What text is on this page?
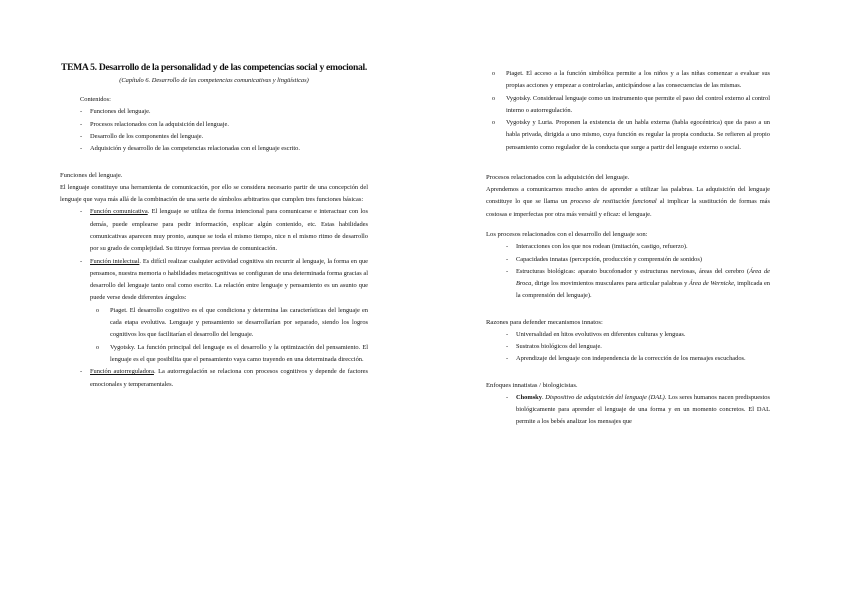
TEMA 5. Desarrollo de la personalidad y de las competencias social y emocional.
(Capítulo 6. Desarrollo de las competencias comunicativas y lingüísticas)
Contenidos:
- Funciones del lenguaje.
- Procesos relacionados con la adquisición del lenguaje.
- Desarrollo de los componentes del lenguaje.
- Adquisición y desarrollo de las competencias relacionadas con el lenguaje escrito.
Funciones del lenguaje.
El lenguaje constituye una herramienta de comunicación, por ello se considera necesario partir de una concepción del lenguaje que vaya más allá de la combinación de una serie de símbolos arbitrarios que cumplen tres funciones básicas:
- Función comunicativa. El lenguaje se utiliza de forma intencional para comunicarse e interactuar con los demás, puede emplearse para pedir información, explicar algún contenido, etc. Estas habilidades comunicativas aparecen muy pronto, aunque se toda el mismo tiempo, nice n el mismo ritmo de desarrollo por su grado de complejidad. Su ttiruye formas previas de comunicación.
- Función intelectual. Es difícil realizar cualquier actividad cognitiva sin recurrir al lenguaje, la forma en que pensamos, nuestra memoria o habilidades metacognitivas se configuran de una determinada forma gracias al desarrollo del lenguaje tanto oral como escrito. La relación entre lenguaje y pensamiento es un asunto que puede verse desde diferentes ángulos:
o Piaget. El desarrollo cognitivo es el que condiciona y determina las características del lenguaje en cada etapa evolutiva. Lenguaje y pensamiento se desarrollarían por separado, siendo los logros cognitivos los que facilitarían el desarrollo del lenguaje.
o Vygotsky. La función principal del lenguaje es el desarrollo y la optimización del pensamiento. El lenguaje es el que posibilita que el pensamiento vaya camo trayendo en una determinada dirección.
- Función autorreguladora. La autorregulación se relaciona con procesos cognitivos y depende de factores emocionales y temperamentales.
o Piaget. El acceso a la función simbólica permite a los niños y a las niñas comenzar a evaluar sus propias acciones y empezar a controlarlas, anticipándose a las consecuencias de las mismas.
o Vygotsky. Consideraal lenguaje como un instrumento que permite el paso del control externo al control interno o autorregulación.
o Vygotsky y Luria. Proponen la existencia de un habla externa (habla egocéntrica) que da paso a un habla privada, dirigida a uno mismo, cuya función es regular la propia conducta. Se refieren al propio pensamiento como regulador de la conducta que surge a partir del lenguaje externo o social.
Procesos relacionados con la adquisición del lenguaje.
Aprendemos a comunicarnos mucho antes de aprender a utilizar las palabras. La adquisición del lenguaje constituye lo que se llama un proceso de restitución funcional al implicar la sustitución de formas más costosas e imperfectas por otra más versátil y eficaz: el lenguaje.
Los procesos relacionados con el desarrollo del lenguaje son:
- Interacciones con los que nos rodean (imitación, castigo, refuerzo).
- Capacidades innatas (percepción, producción y comprensión de sonidos)
- Estructuras biológicas: aparato bucofonador y estructuras nerviosas, áreas del cerebro (Área de Broca, dirige los movimientos musculares para articular palabras y Área de Wernicke, implicada en la comprensión del lenguaje).
Razones para defender mecanismos innatos:
- Universalidad en hitos evolutivos en diferentes culturas y lenguas.
- Sustratos biológicos del lenguaje.
- Aprendizaje del lenguaje con independencia de la corrección de los mensajes escuchados.
Enfoques innatistas / biologicistas.
- Chomsky. Dispositivo de adquisición del lenguaje (DAL). Los seres humanos nacen predispuestos biológicamente para aprender el lenguaje de una forma y en un momento concretos. El DAL permite a los bebés analizar los mensajes que
